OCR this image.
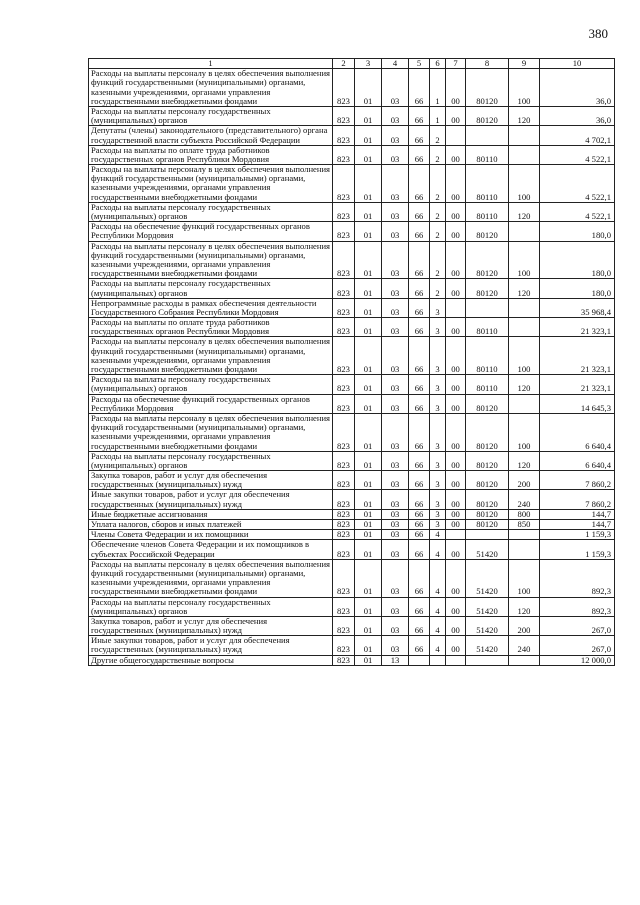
380
1	2	3	4	5	6	7	8	9	10
Расходы на выплаты персоналу в целях обеспечения выполнения функций государственными (муниципальными) органами, казенными учреждениями, органами управления государственными внебюджетными фондами	823	01	03	66	1	00	80120	100	36,0
Расходы на выплаты персоналу государственных (муниципальных) органов	823	01	03	66	1	00	80120	120	36,0
Депутаты (члены) законодательного (представительного) органа государственной власти субъекта Российской Федерации	823	01	03	66	2				4 702,1
Расходы на выплаты по оплате труда работников государственных органов Республики Мордовия	823	01	03	66	2	00	80110		4 522,1
Расходы на выплаты персоналу в целях обеспечения выполнения функций государственными (муниципальными) органами, казенными учреждениями, органами управления государственными внебюджетными фондами	823	01	03	66	2	00	80110	100	4 522,1
Расходы на выплаты персоналу государственных (муниципальных) органов	823	01	03	66	2	00	80110	120	4 522,1
Расходы на обеспечение функций государственных органов Республики Мордовия	823	01	03	66	2	00	80120		180,0
Расходы на выплаты персоналу в целях обеспечения выполнения функций государственными (муниципальными) органами, казенными учреждениями, органами управления государственными внебюджетными фондами	823	01	03	66	2	00	80120	100	180,0
Расходы на выплаты персоналу государственных (муниципальных) органов	823	01	03	66	2	00	80120	120	180,0
Непрограммные расходы в рамках обеспечения деятельности Государственного Собрания Республики Мордовия	823	01	03	66	3				35 968,4
Расходы на выплаты по оплате труда работников государственных органов Республики Мордовия	823	01	03	66	3	00	80110		21 323,1
Расходы на выплаты персоналу в целях обеспечения выполнения функций государственными (муниципальными) органами, казенными учреждениями, органами управления государственными внебюджетными фондами	823	01	03	66	3	00	80110	100	21 323,1
Расходы на выплаты персоналу государственных (муниципальных) органов	823	01	03	66	3	00	80110	120	21 323,1
Расходы на обеспечение функций государственных органов Республики Мордовия	823	01	03	66	3	00	80120		14 645,3
Расходы на выплаты персоналу в целях обеспечения выполнения функций государственными (муниципальными) органами, казенными учреждениями, органами управления государственными внебюджетными фондами	823	01	03	66	3	00	80120	100	6 640,4
Расходы на выплаты персоналу государственных (муниципальных) органов	823	01	03	66	3	00	80120	120	6 640,4
Закупка товаров, работ и услуг для обеспечения государственных (муниципальных) нужд	823	01	03	66	3	00	80120	200	7 860,2
Иные закупки товаров, работ и услуг для обеспечения государственных (муниципальных) нужд	823	01	03	66	3	00	80120	240	7 860,2
Иные бюджетные ассигнования	823	01	03	66	3	00	80120	800	144,7
Уплата налогов, сборов и иных платежей	823	01	03	66	3	00	80120	850	144,7
Члены Совета Федерации и их помощники	823	01	03	66	4				1 159,3
Обеспечение членов Совета Федерации и их помощников в субъектах Российской Федерации	823	01	03	66	4	00	51420		1 159,3
Расходы на выплаты персоналу в целях обеспечения выполнения функций государственными (муниципальными) органами, казенными учреждениями, органами управления государственными внебюджетными фондами	823	01	03	66	4	00	51420	100	892,3
Расходы на выплаты персоналу государственных (муниципальных) органов	823	01	03	66	4	00	51420	120	892,3
Закупка товаров, работ и услуг для обеспечения государственных (муниципальных) нужд	823	01	03	66	4	00	51420	200	267,0
Иные закупки товаров, работ и услуг для обеспечения государственных (муниципальных) нужд	823	01	03	66	4	00	51420	240	267,0
Другие общегосударственные вопросы	823	01	13						12 000,0
